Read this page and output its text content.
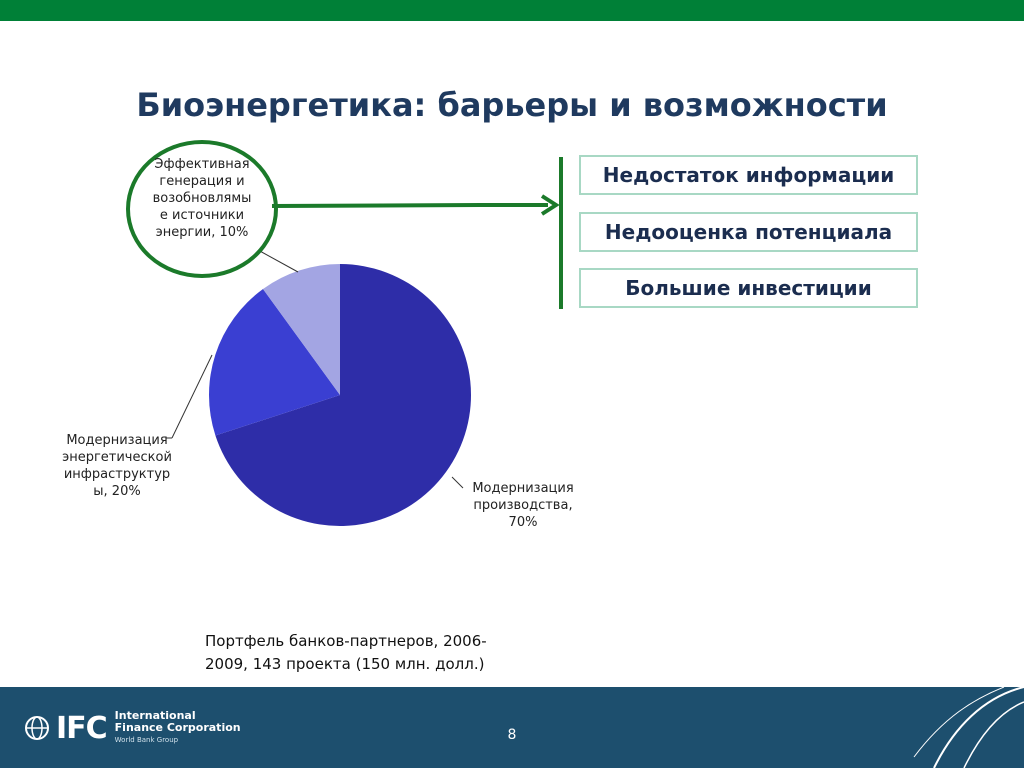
Биоэнергетика: барьеры и возможности
Эффективная
генерация и
возобновлямы
е источники
энергии, 10%
Модернизация
энергетической
инфраструктур
ы, 20%	Модернизация
производства,
70%
Недостаток информации
Недооценка потенциала
Большие инвестиции
Портфель банков-партнеров, 2006-2009, 143 проекта (150 млн. долл.)
IFC International
Finance Corporation
World Bank Group	8
